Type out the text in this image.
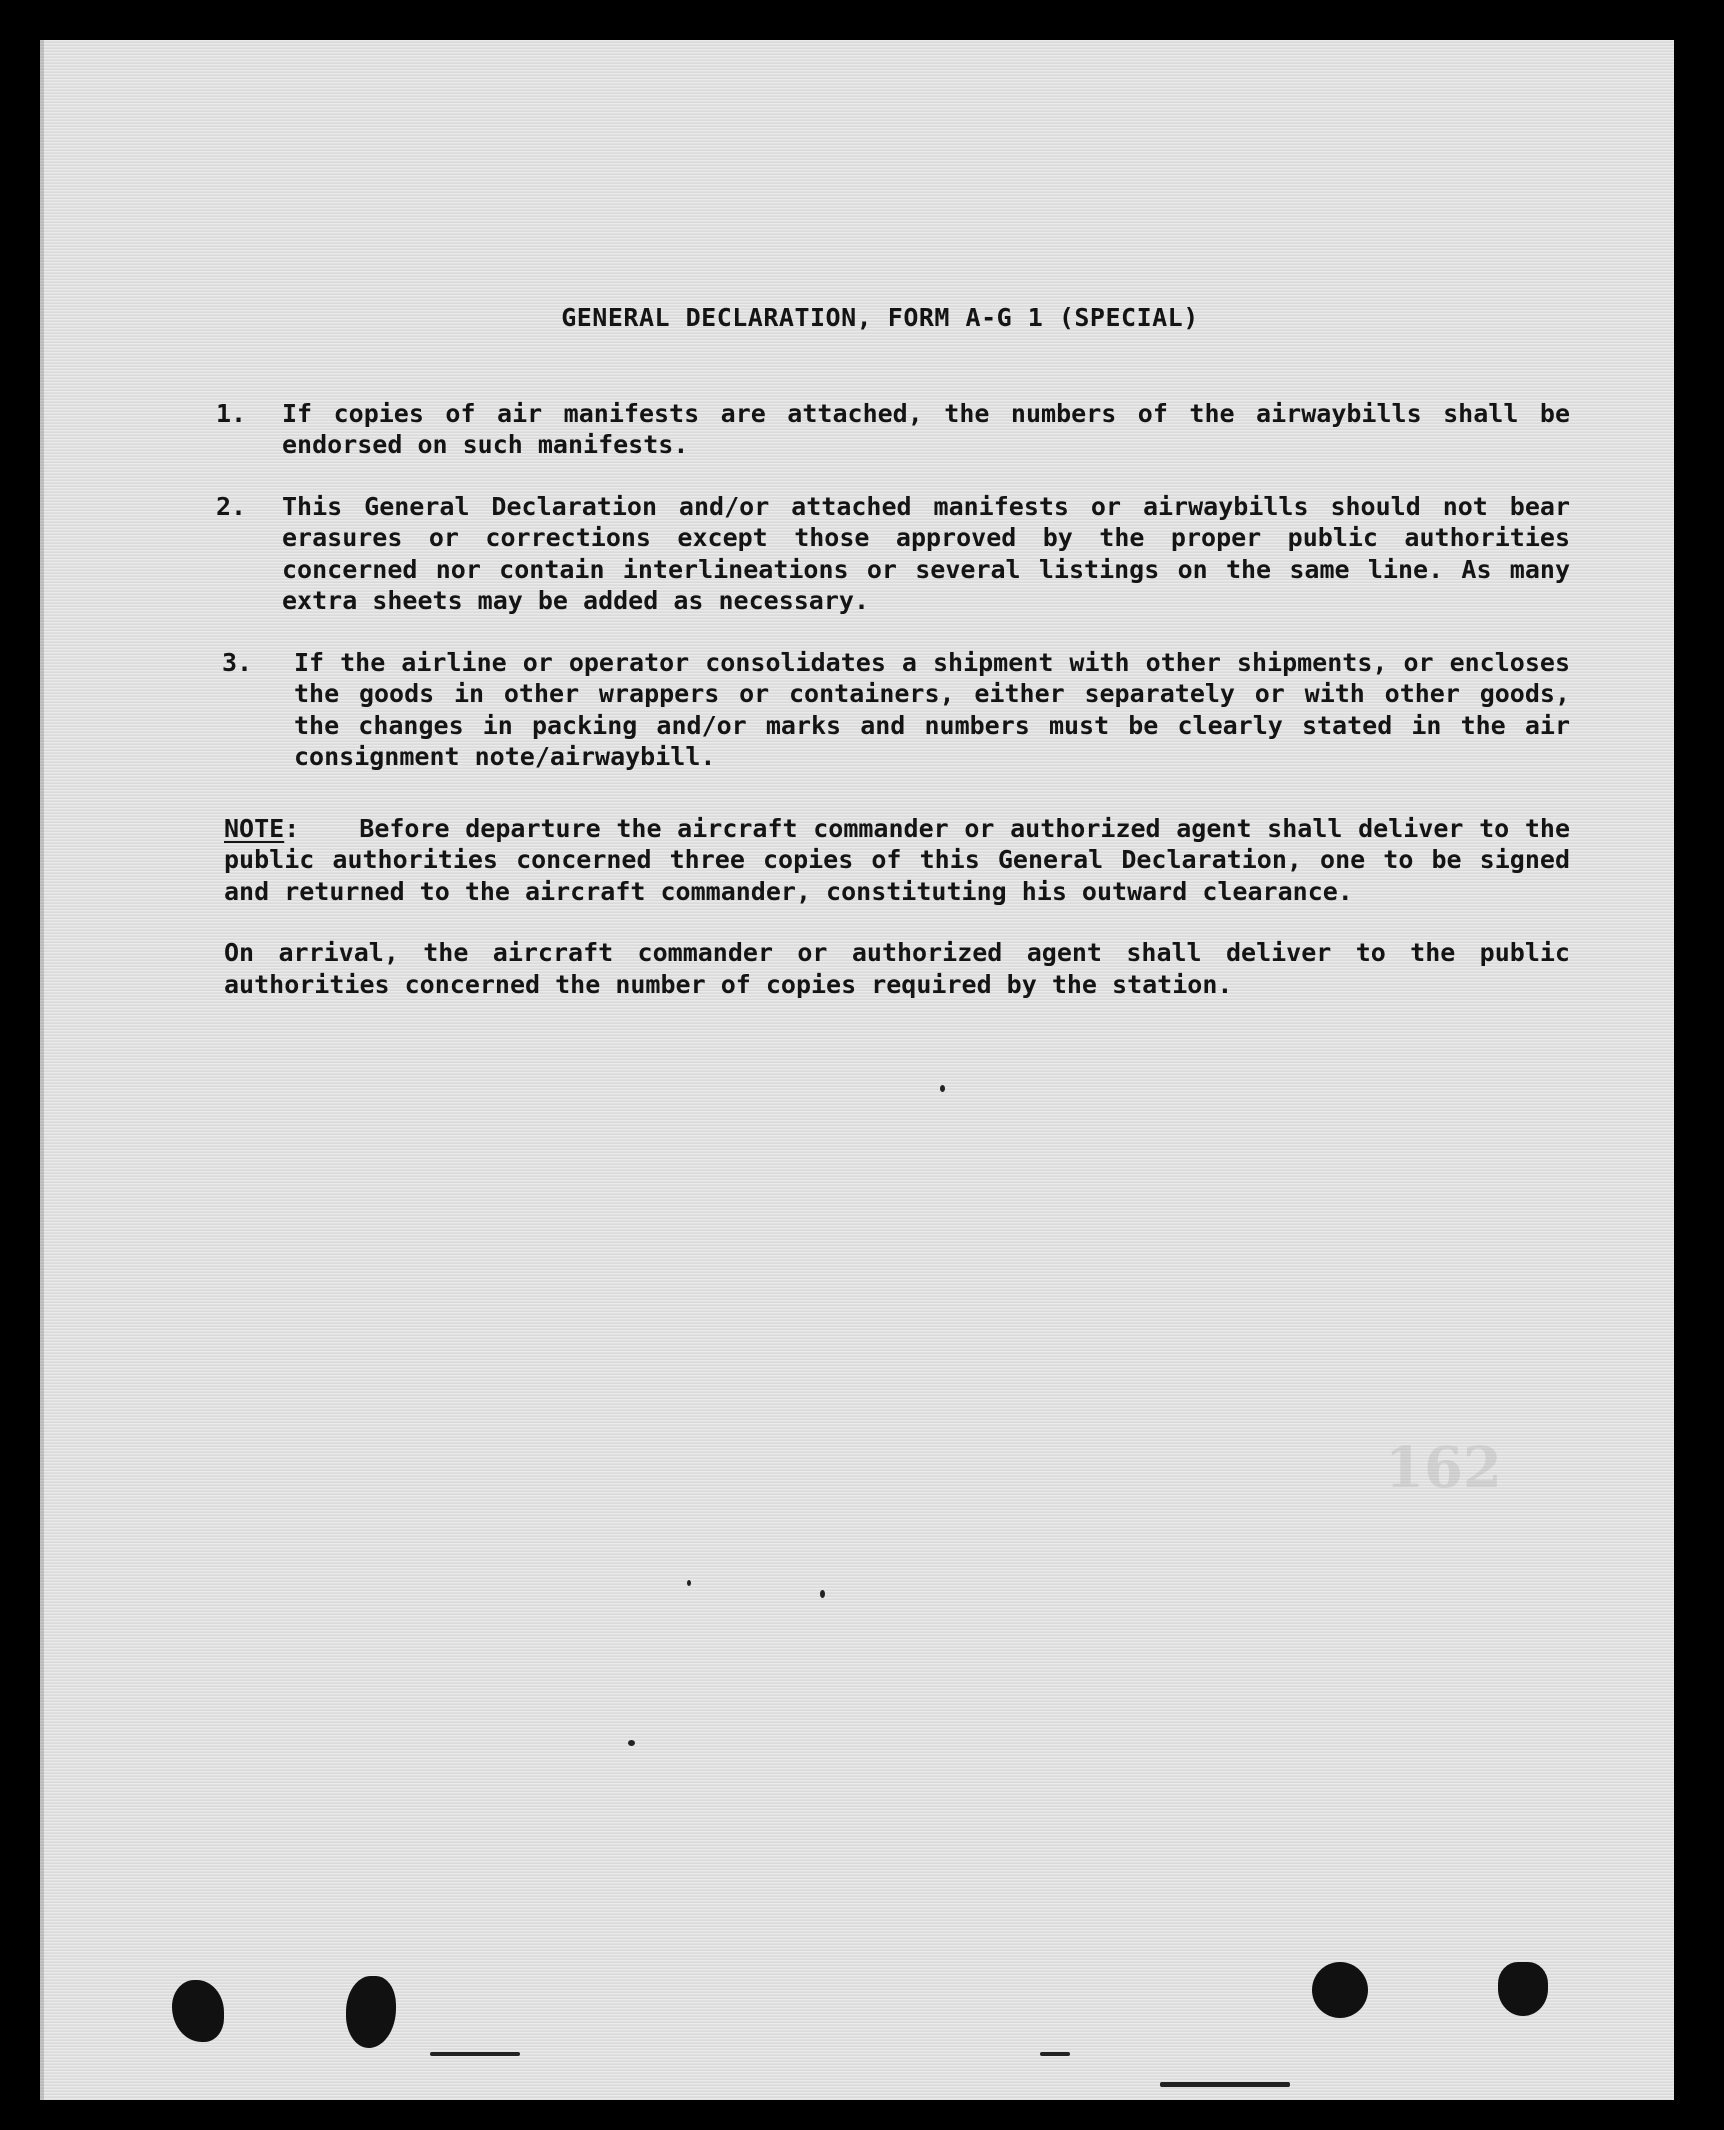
162
GENERAL DECLARATION, FORM A-G 1 (SPECIAL)
1.	If copies of air manifests are attached, the numbers of the airwaybills shall be endorsed on such manifests.
2.	This General Declaration and/or attached manifests or airwaybills should not bear erasures or corrections except those approved by the proper public authorities concerned nor contain interlineations or several listings on the same line. As many extra sheets may be added as necessary.
3.	If the airline or operator consolidates a shipment with other shipments, or encloses the goods in other wrappers or containers, either separately or with other goods, the changes in packing and/or marks and numbers must be clearly stated in the air consignment note/airwaybill.
NOTE: Before departure the aircraft commander or authorized agent shall deliver to the public authorities concerned three copies of this General Declaration, one to be signed and returned to the aircraft commander, constituting his outward clearance.
On arrival, the aircraft commander or authorized agent shall deliver to the public authorities concerned the number of copies required by the station.
